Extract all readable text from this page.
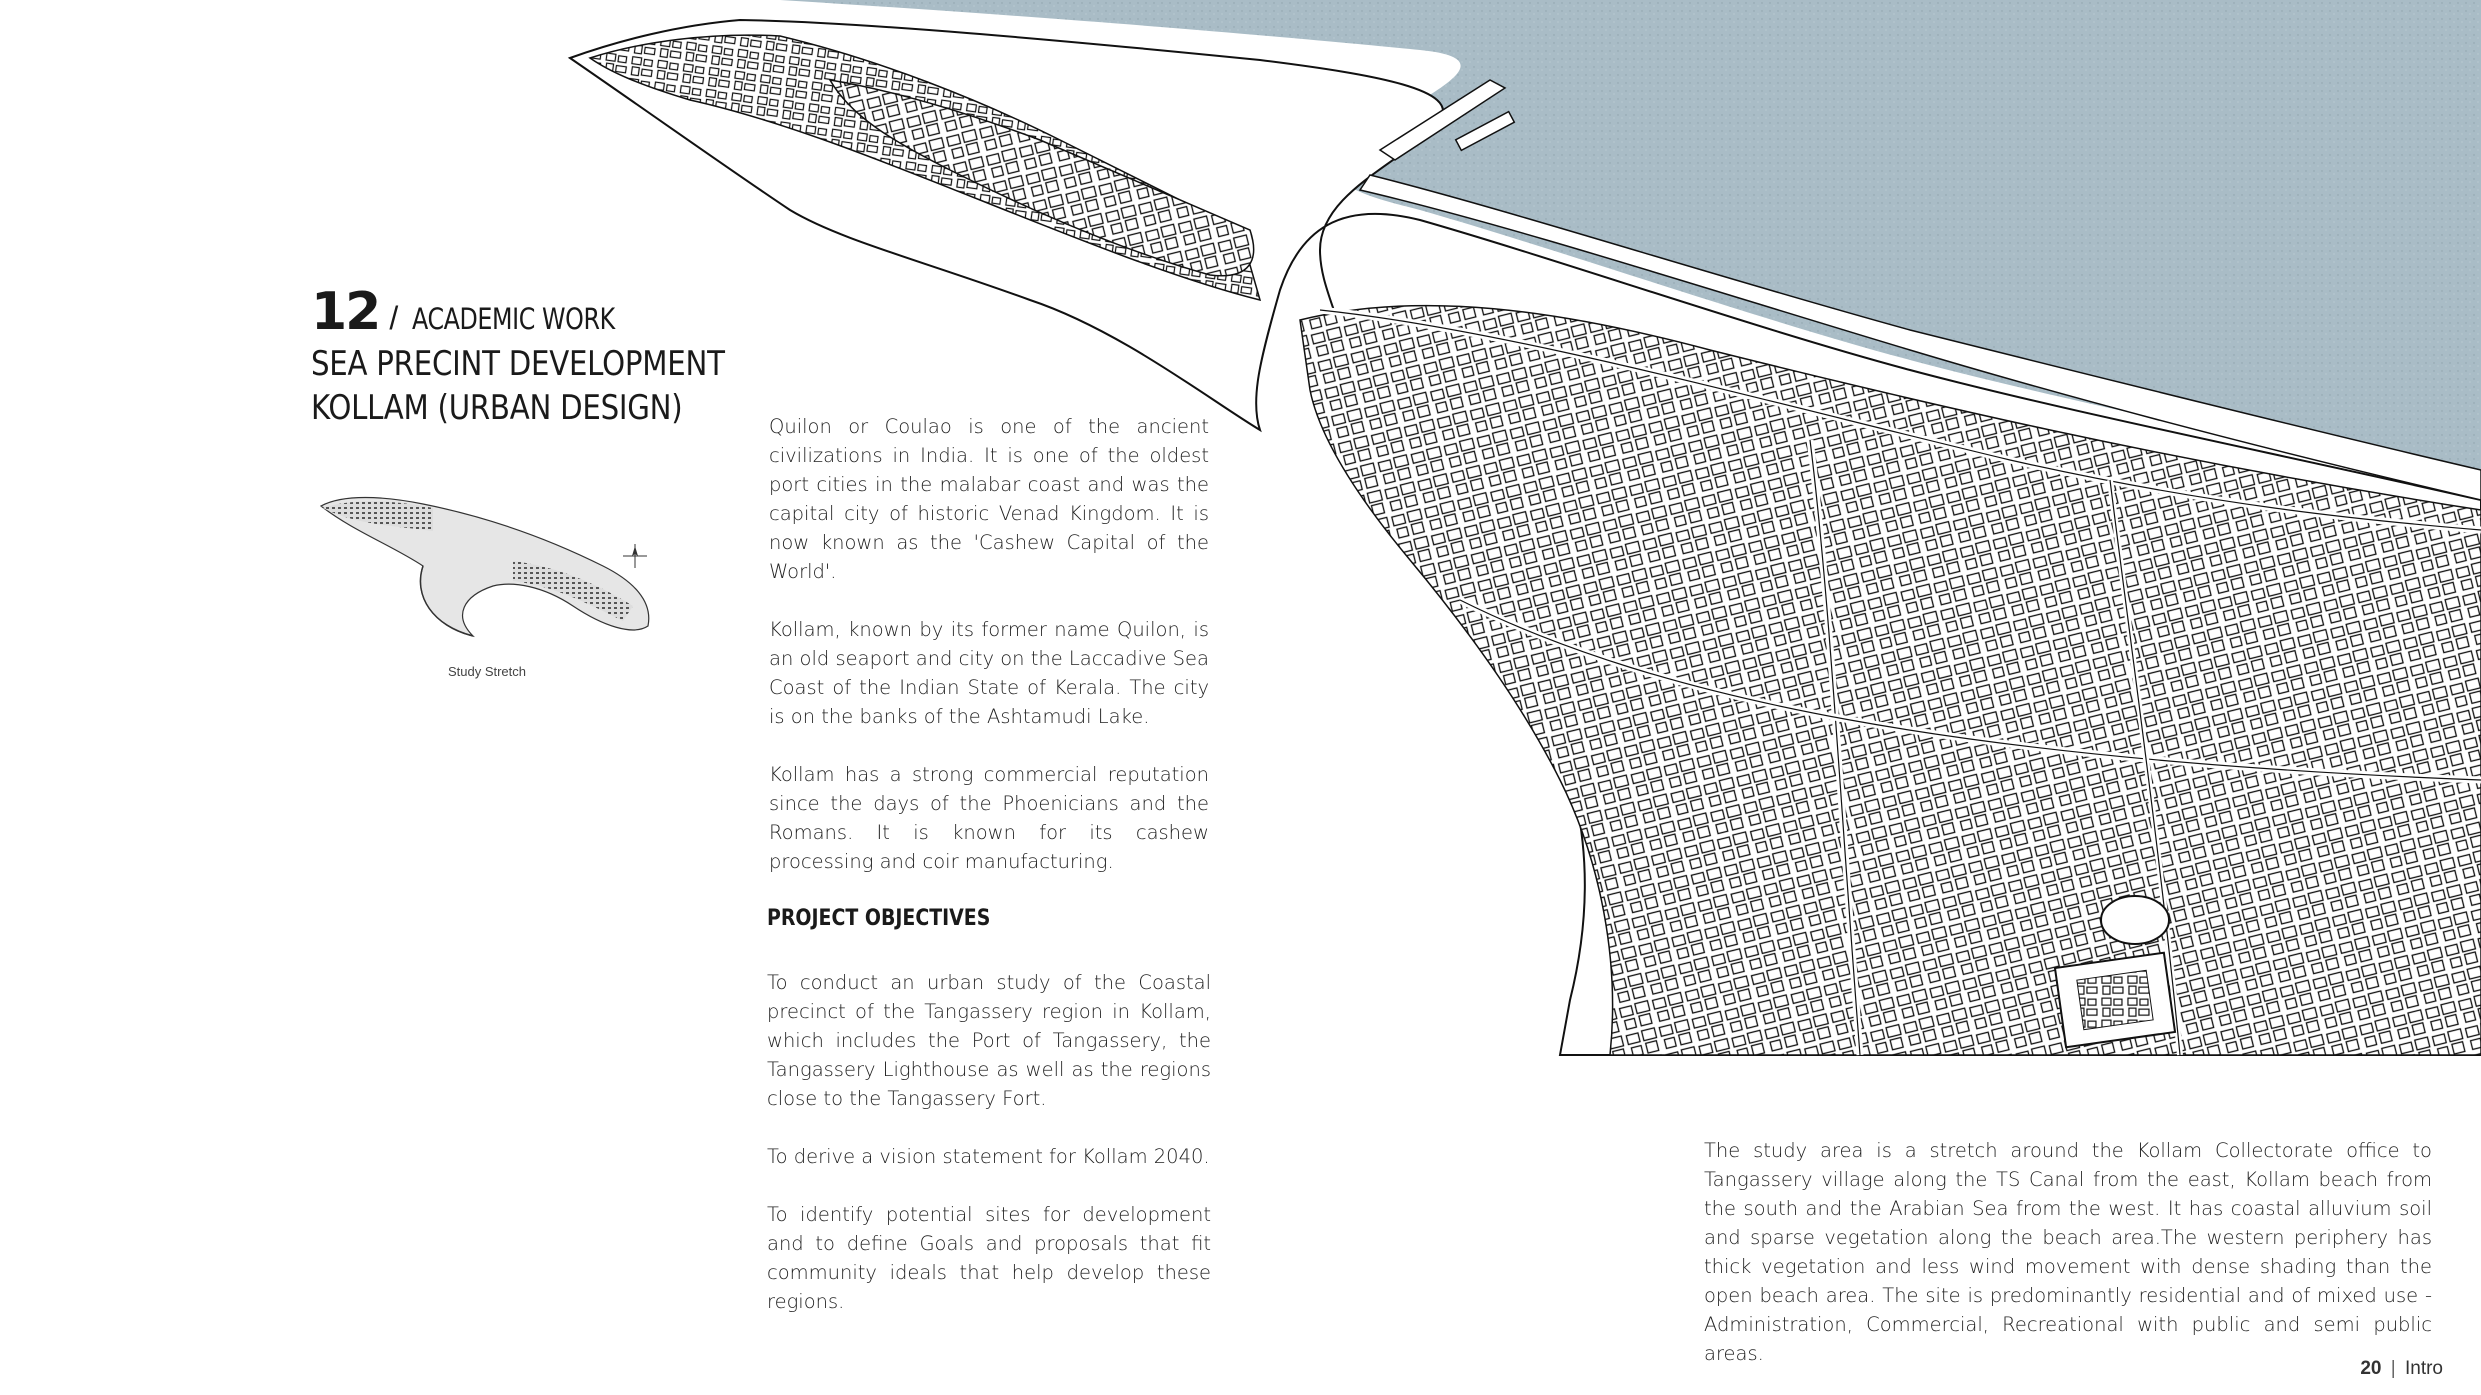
12 / ACADEMIC WORK
SEA PRECINT DEVELOPMENT
KOLLAM (URBAN DESIGN)
Study Stretch

Quilon or Coulao is one of the ancient civilizations in India. It is one of the oldest port cities in the malabar coast and was the capital city of historic Venad Kingdom. It is now known as the 'Cashew Capital of the World'.

Kollam, known by its former name Quilon, is an old seaport and city on the Laccadive Sea Coast of the Indian State of Kerala. The city is on the banks of the Ashtamudi Lake.

Kollam has a strong commercial reputation since the days of the Phoenicians and the Romans. It is known for its cashew processing and coir manufacturing.

PROJECT OBJECTIVES

To conduct an urban study of the Coastal precinct of the Tangassery region in Kollam, which includes the Port of Tangassery, the Tangassery Lighthouse as well as the regions close to the Tangassery Fort.

To derive a vision statement for Kollam 2040.

To identify potential sites for development and to define Goals and proposals that fit community ideals that help develop these regions.

The study area is a stretch around the Kollam Collectorate office to Tangassery village along the TS Canal from the east, Kollam beach from the south and the Arabian Sea from the west. It has coastal alluvium soil and sparse vegetation along the beach area.The western periphery has thick vegetation and less wind movement with dense shading than the open beach area. The site is predominantly residential and of mixed use - Administration, Commercial, Recreational with public and semi public areas.

20 | Intro
